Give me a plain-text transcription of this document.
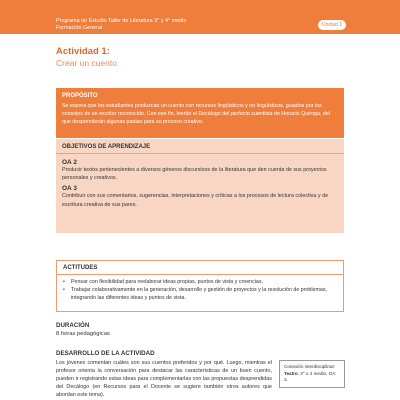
Programa de Estudio Taller de Literatura 3° y 4° medio
Formación General	Unidad 1
Actividad 1:
Crear un cuento
PROPÓSITO
Se espera que los estudiantes produzcan un cuento con recursos lingüísticos y no lingüísticos, guiados por los consejos de un escritor reconocido. Con ese fin, leerán el Decálogo del perfecto cuentista de Horacio Quiroga, del que desprenderán algunas pautas para su proceso creativo.
OBJETIVOS DE APRENDIZAJE
OA 2
Producir textos pertenecientes a diversos géneros discursivos de la literatura que den cuenta de sus proyectos personales y creativos.
OA 3
Contribuir con sus comentarios, sugerencias, interpretaciones y críticas a los procesos de lectura colectiva y de escritura creativa de sus pares.
ACTITUDES
• Pensar con flexibilidad para reelaborar ideas propias, puntos de vista y creencias.
• Trabajar colaborativamente en la generación, desarrollo y gestión de proyectos y la resolución de problemas, integrando las diferentes ideas y puntos de vista.
DURACIÓN
8 horas pedagógicas
DESARROLLO DE LA ACTIVIDAD
Los jóvenes comentan cuáles son sus cuentos preferidos y por qué. Luego, mientras el profesor orienta la conversación para destacar las características de un buen cuento, pueden ir registrando estas ideas para complementarlas con las propuestas desprendidas del Decálogo (en Recursos para el Docente se sugiere también otros autores que abordan este tema).
Conexión interdisciplinar:
Teatro, 3° o 4 medio, OA 3.
